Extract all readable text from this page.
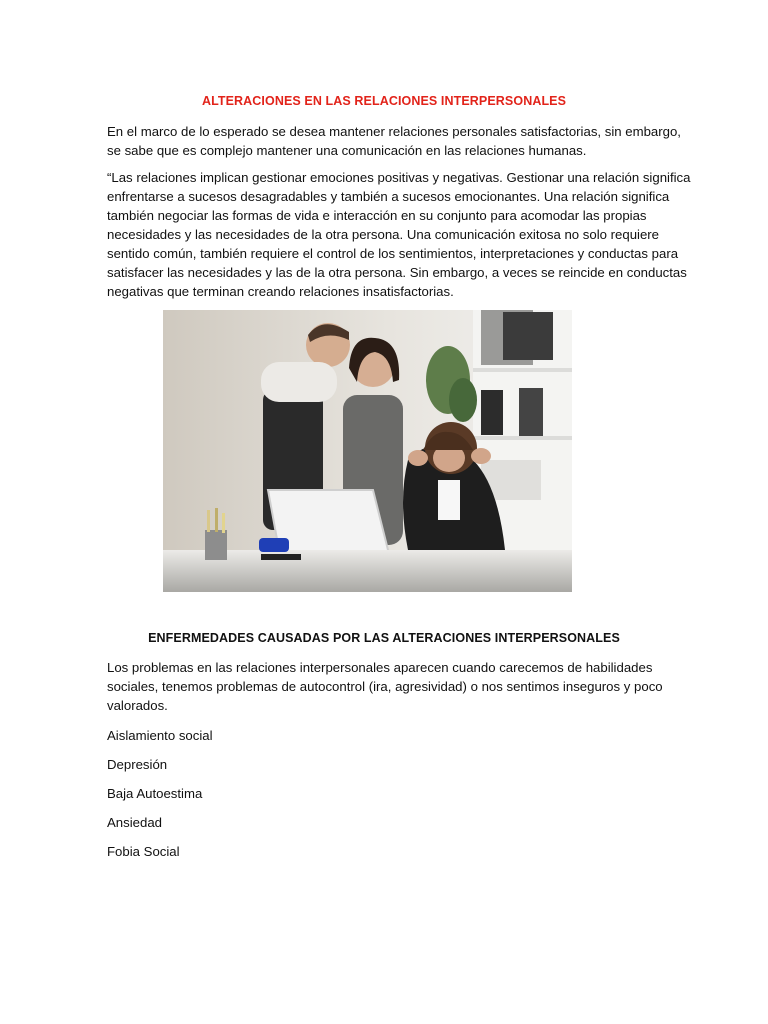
ALTERACIONES EN LAS RELACIONES INTERPERSONALES
En el marco de lo esperado se desea mantener relaciones personales satisfactorias, sin embargo,
se sabe que es complejo mantener una comunicación en las relaciones humanas.
“Las relaciones implican gestionar emociones positivas y negativas. Gestionar una relación significa
enfrentarse a sucesos desagradables y también a sucesos emocionantes. Una relación significa
también negociar las formas de vida e interacción en su conjunto para acomodar las propias
necesidades y las necesidades de la otra persona. Una comunicación exitosa no solo requiere
sentido común, también requiere el control de los sentimientos, interpretaciones y conductas para
satisfacer las necesidades y las de la otra persona. Sin embargo, a veces se reincide en conductas
negativas que terminan creando relaciones insatisfactorias.
ENFERMEDADES CAUSADAS POR LAS ALTERACIONES INTERPERSONALES
Los problemas en las relaciones interpersonales aparecen cuando carecemos de habilidades
sociales, tenemos problemas de autocontrol (ira, agresividad) o nos sentimos inseguros y poco
valorados.
Aislamiento social
Depresión
Baja Autoestima
Ansiedad
Fobia Social
